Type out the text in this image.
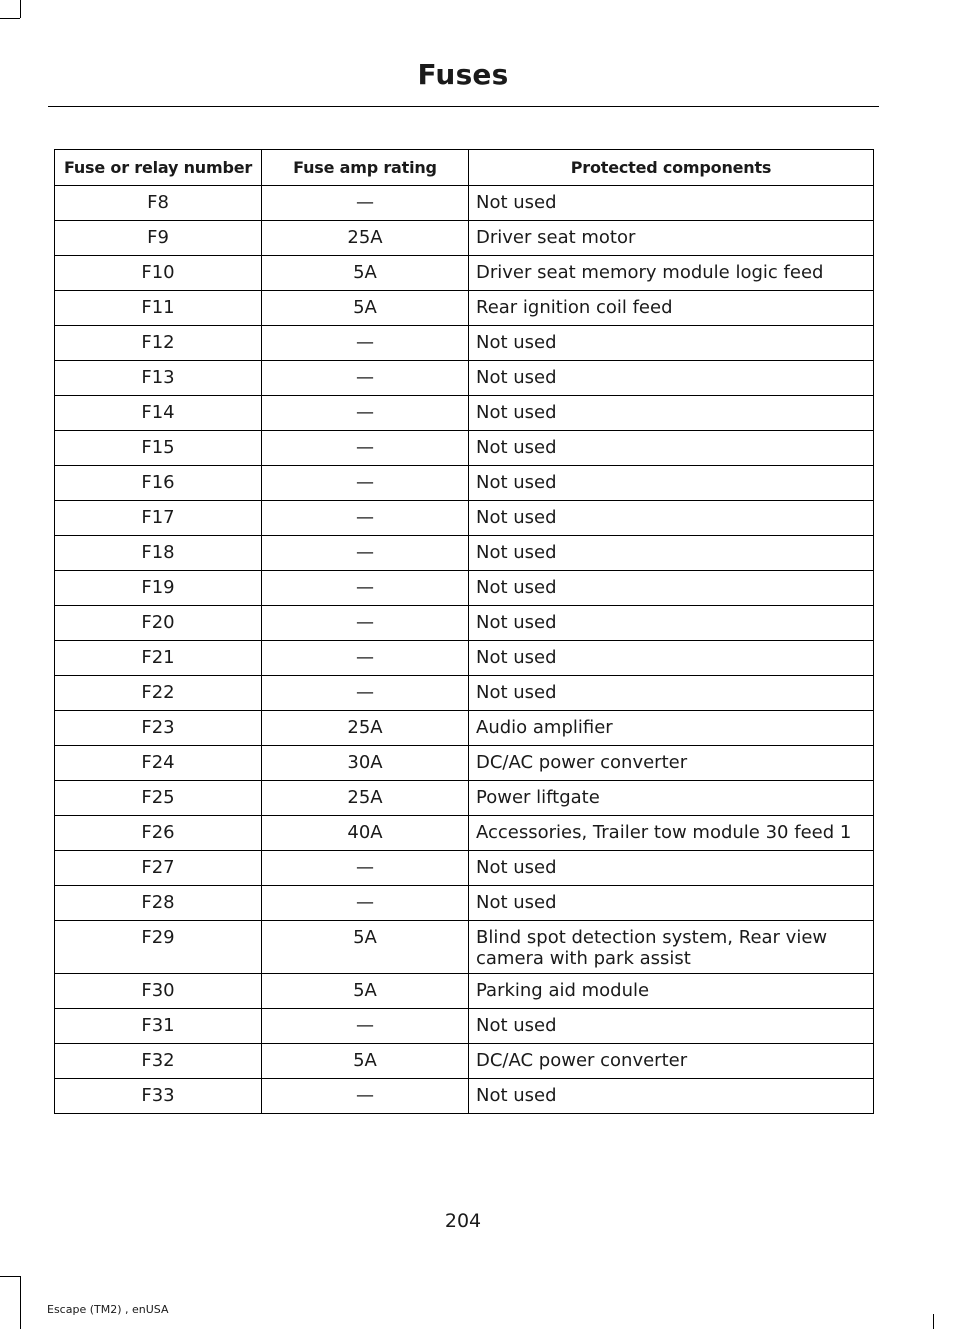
Fuses
Fuse or relay number	Fuse amp rating	Protected components
F8	—	Not used
F9	25A	Driver seat motor
F10	5A	Driver seat memory module logic feed
F11	5A	Rear ignition coil feed
F12	—	Not used
F13	—	Not used
F14	—	Not used
F15	—	Not used
F16	—	Not used
F17	—	Not used
F18	—	Not used
F19	—	Not used
F20	—	Not used
F21	—	Not used
F22	—	Not used
F23	25A	Audio amplifier
F24	30A	DC/AC power converter
F25	25A	Power liftgate
F26	40A	Accessories, Trailer tow module 30 feed 1
F27	—	Not used
F28	—	Not used
F29	5A	Blind spot detection system, Rear view camera with park assist
F30	5A	Parking aid module
F31	—	Not used
F32	5A	DC/AC power converter
F33	—	Not used
204
Escape (TM2) , enUSA
